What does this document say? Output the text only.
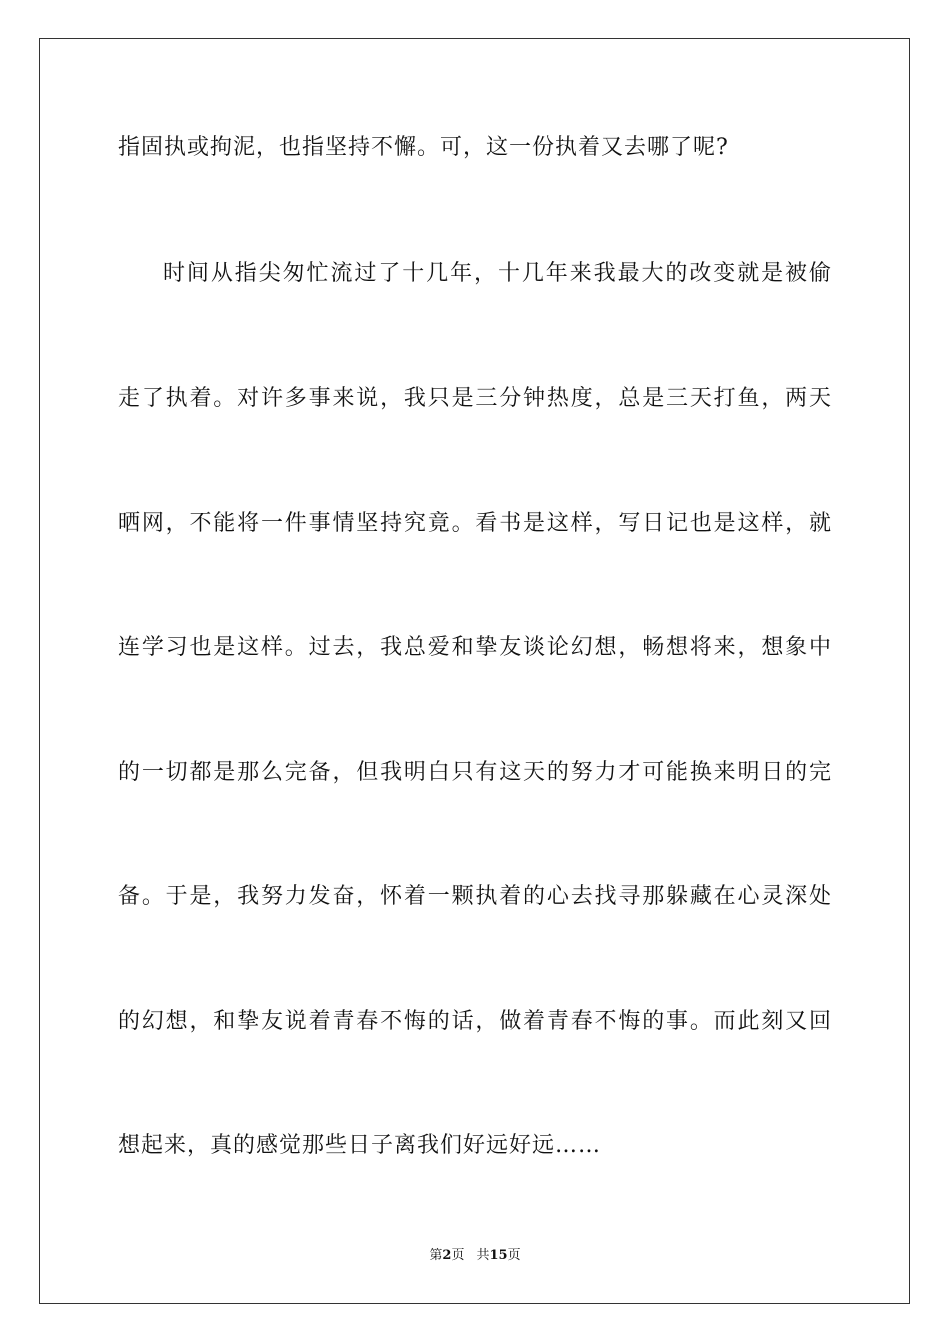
指固执或拘泥，也指坚持不懈。可，这一份执着又去哪了呢?
时间从指尖匆忙流过了十几年，十几年来我最大的改变就是被偷
走了执着。对许多事来说，我只是三分钟热度，总是三天打鱼，两天
晒网，不能将一件事情坚持究竟。看书是这样，写日记也是这样，就
连学习也是这样。过去，我总爱和挚友谈论幻想，畅想将来，想象中
的一切都是那么完备，但我明白只有这天的努力才可能换来明日的完
备。于是，我努力发奋，怀着一颗执着的心去找寻那躲藏在心灵深处
的幻想，和挚友说着青春不悔的话，做着青春不悔的事。而此刻又回
想起来，真的感觉那些日子离我们好远好远……
第2页 共15页
